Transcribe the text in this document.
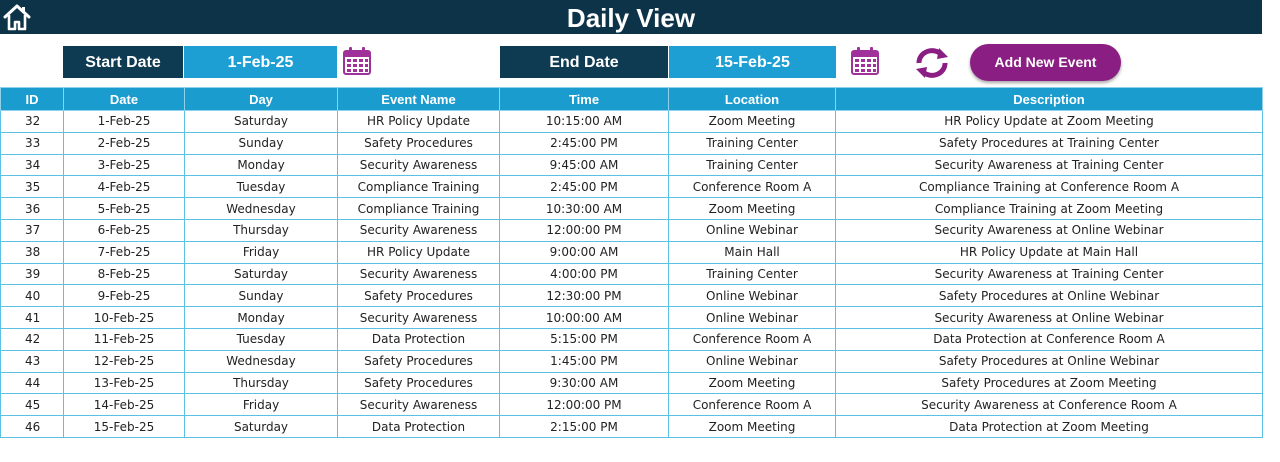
Daily View
Start Date	1-Feb-25	End Date	15-Feb-25	Add New Event
ID	Date	Day	Event Name	Time	Location	Description
32	1-Feb-25	Saturday	HR Policy Update	10:15:00 AM	Zoom Meeting	HR Policy Update at Zoom Meeting
33	2-Feb-25	Sunday	Safety Procedures	2:45:00 PM	Training Center	Safety Procedures at Training Center
34	3-Feb-25	Monday	Security Awareness	9:45:00 AM	Training Center	Security Awareness at Training Center
35	4-Feb-25	Tuesday	Compliance Training	2:45:00 PM	Conference Room A	Compliance Training at Conference Room A
36	5-Feb-25	Wednesday	Compliance Training	10:30:00 AM	Zoom Meeting	Compliance Training at Zoom Meeting
37	6-Feb-25	Thursday	Security Awareness	12:00:00 PM	Online Webinar	Security Awareness at Online Webinar
38	7-Feb-25	Friday	HR Policy Update	9:00:00 AM	Main Hall	HR Policy Update at Main Hall
39	8-Feb-25	Saturday	Security Awareness	4:00:00 PM	Training Center	Security Awareness at Training Center
40	9-Feb-25	Sunday	Safety Procedures	12:30:00 PM	Online Webinar	Safety Procedures at Online Webinar
41	10-Feb-25	Monday	Security Awareness	10:00:00 AM	Online Webinar	Security Awareness at Online Webinar
42	11-Feb-25	Tuesday	Data Protection	5:15:00 PM	Conference Room A	Data Protection at Conference Room A
43	12-Feb-25	Wednesday	Safety Procedures	1:45:00 PM	Online Webinar	Safety Procedures at Online Webinar
44	13-Feb-25	Thursday	Safety Procedures	9:30:00 AM	Zoom Meeting	Safety Procedures at Zoom Meeting
45	14-Feb-25	Friday	Security Awareness	12:00:00 PM	Conference Room A	Security Awareness at Conference Room A
46	15-Feb-25	Saturday	Data Protection	2:15:00 PM	Zoom Meeting	Data Protection at Zoom Meeting
